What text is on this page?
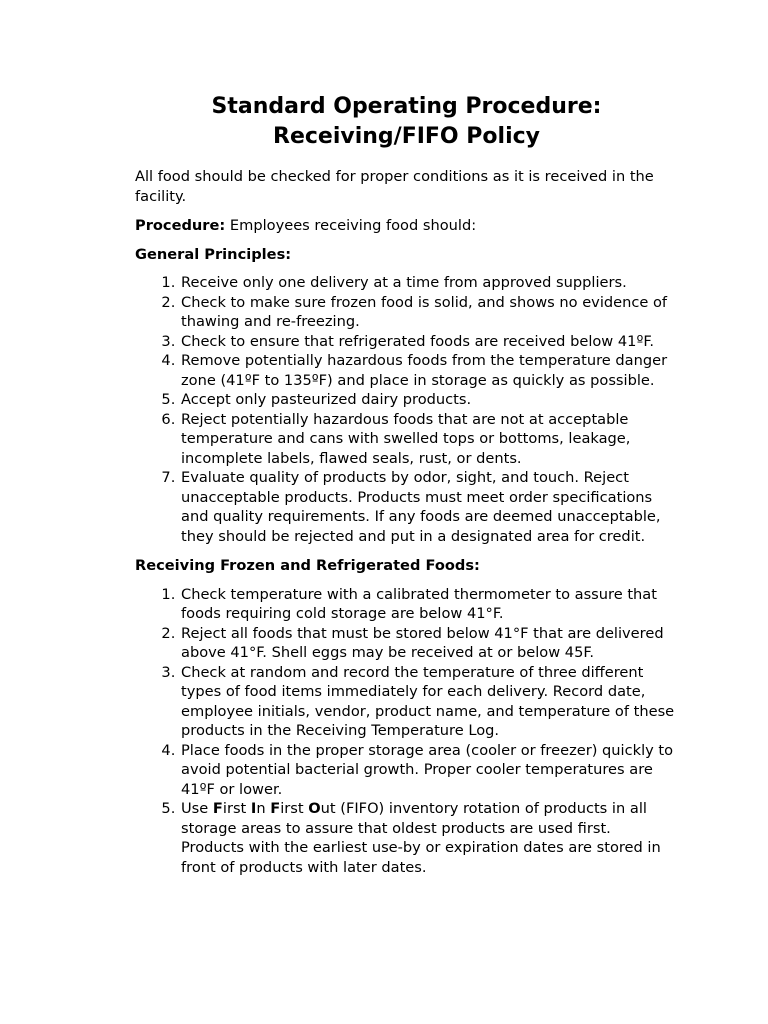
Standard Operating Procedure:
Receiving/FIFO Policy

All food should be checked for proper conditions as it is received in the facility.

Procedure: Employees receiving food should:

General Principles:

1. Receive only one delivery at a time from approved suppliers.
2. Check to make sure frozen food is solid, and shows no evidence of thawing and re-freezing.
3. Check to ensure that refrigerated foods are received below 41ºF.
4. Remove potentially hazardous foods from the temperature danger zone (41ºF to 135ºF) and place in storage as quickly as possible.
5. Accept only pasteurized dairy products.
6. Reject potentially hazardous foods that are not at acceptable temperature and cans with swelled tops or bottoms, leakage, incomplete labels, flawed seals, rust, or dents.
7. Evaluate quality of products by odor, sight, and touch. Reject unacceptable products. Products must meet order specifications and quality requirements. If any foods are deemed unacceptable, they should be rejected and put in a designated area for credit.

Receiving Frozen and Refrigerated Foods:

1. Check temperature with a calibrated thermometer to assure that foods requiring cold storage are below 41°F.
2. Reject all foods that must be stored below 41°F that are delivered above 41°F. Shell eggs may be received at or below 45F.
3. Check at random and record the temperature of three different types of food items immediately for each delivery. Record date, employee initials, vendor, product name, and temperature of these products in the Receiving Temperature Log.
4. Place foods in the proper storage area (cooler or freezer) quickly to avoid potential bacterial growth. Proper cooler temperatures are 41ºF or lower.
5. Use First In First Out (FIFO) inventory rotation of products in all storage areas to assure that oldest products are used first. Products with the earliest use-by or expiration dates are stored in front of products with later dates.
